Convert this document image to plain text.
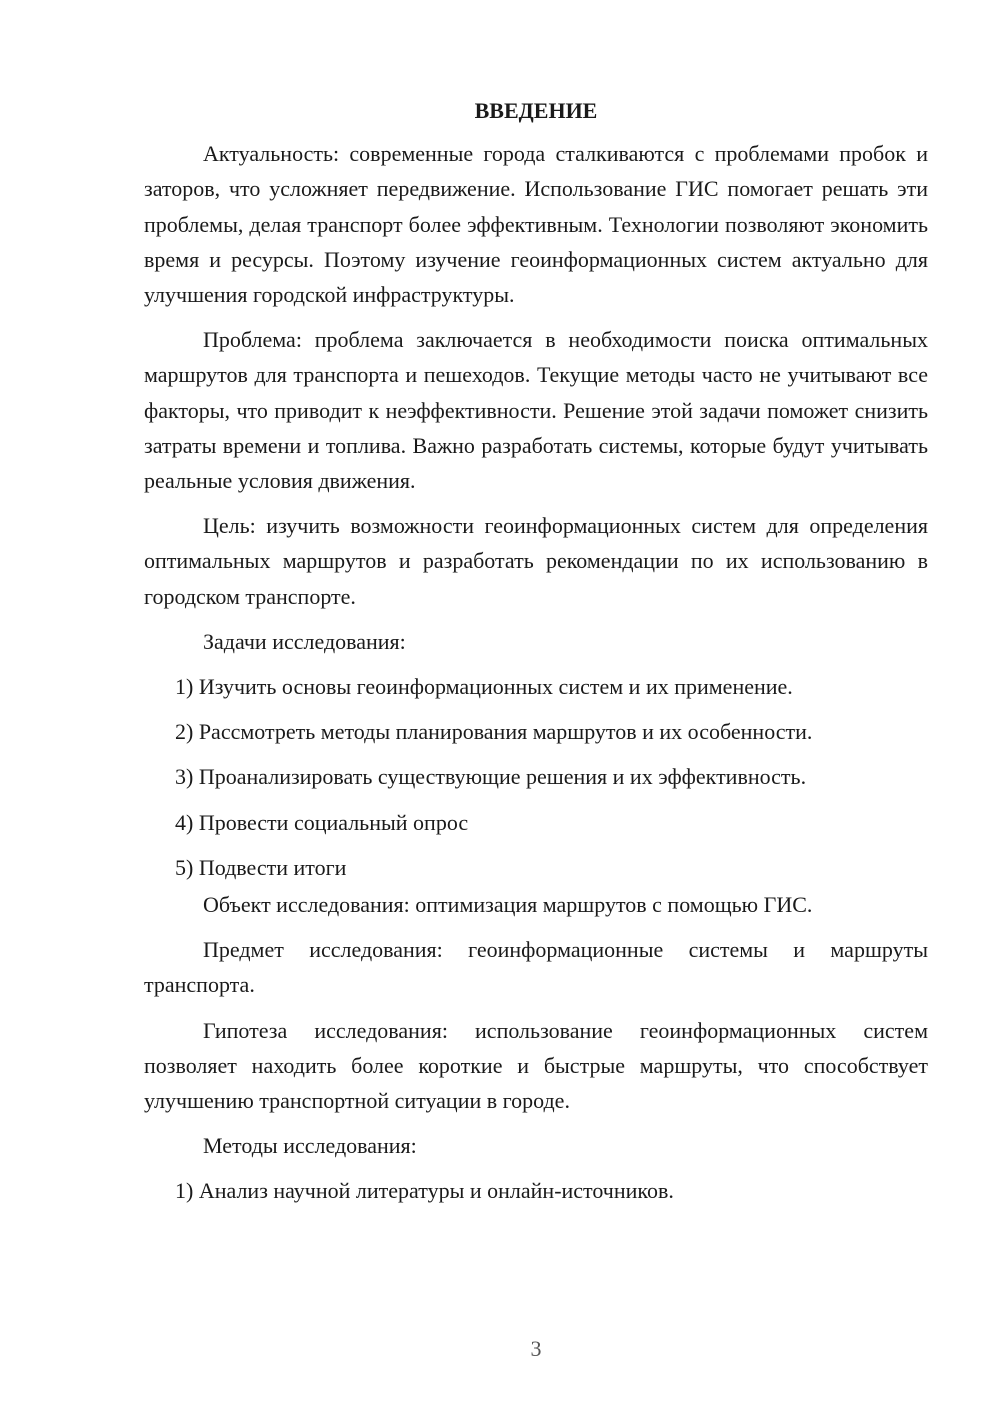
ВВЕДЕНИЕ

Актуальность: современные города сталкиваются с проблемами пробок и заторов, что усложняет передвижение. Использование ГИС помогает решать эти проблемы, делая транспорт более эффективным. Технологии позволяют экономить время и ресурсы. Поэтому изучение геоинформационных систем актуально для улучшения городской инфраструктуры.

Проблема: проблема заключается в необходимости поиска оптимальных маршрутов для транспорта и пешеходов. Текущие методы часто не учитывают все факторы, что приводит к неэффективности. Решение этой задачи поможет снизить затраты времени и топлива. Важно разработать системы, которые будут учитывать реальные условия движения.

Цель: изучить возможности геоинформационных систем для определения оптимальных маршрутов и разработать рекомендации по их использованию в городском транспорте.

Задачи исследования:

1) Изучить основы геоинформационных систем и их применение.

2) Рассмотреть методы планирования маршрутов и их особенности.

3) Проанализировать существующие решения и их эффективность.

4) Провести социальный опрос

5) Подвести итоги

Объект исследования: оптимизация маршрутов с помощью ГИС.

Предмет исследования: геоинформационные системы и маршруты транспорта.

Гипотеза исследования: использование геоинформационных систем позволяет находить более короткие и быстрые маршруты, что способствует улучшению транспортной ситуации в городе.

Методы исследования:

1) Анализ научной литературы и онлайн-источников.

3
